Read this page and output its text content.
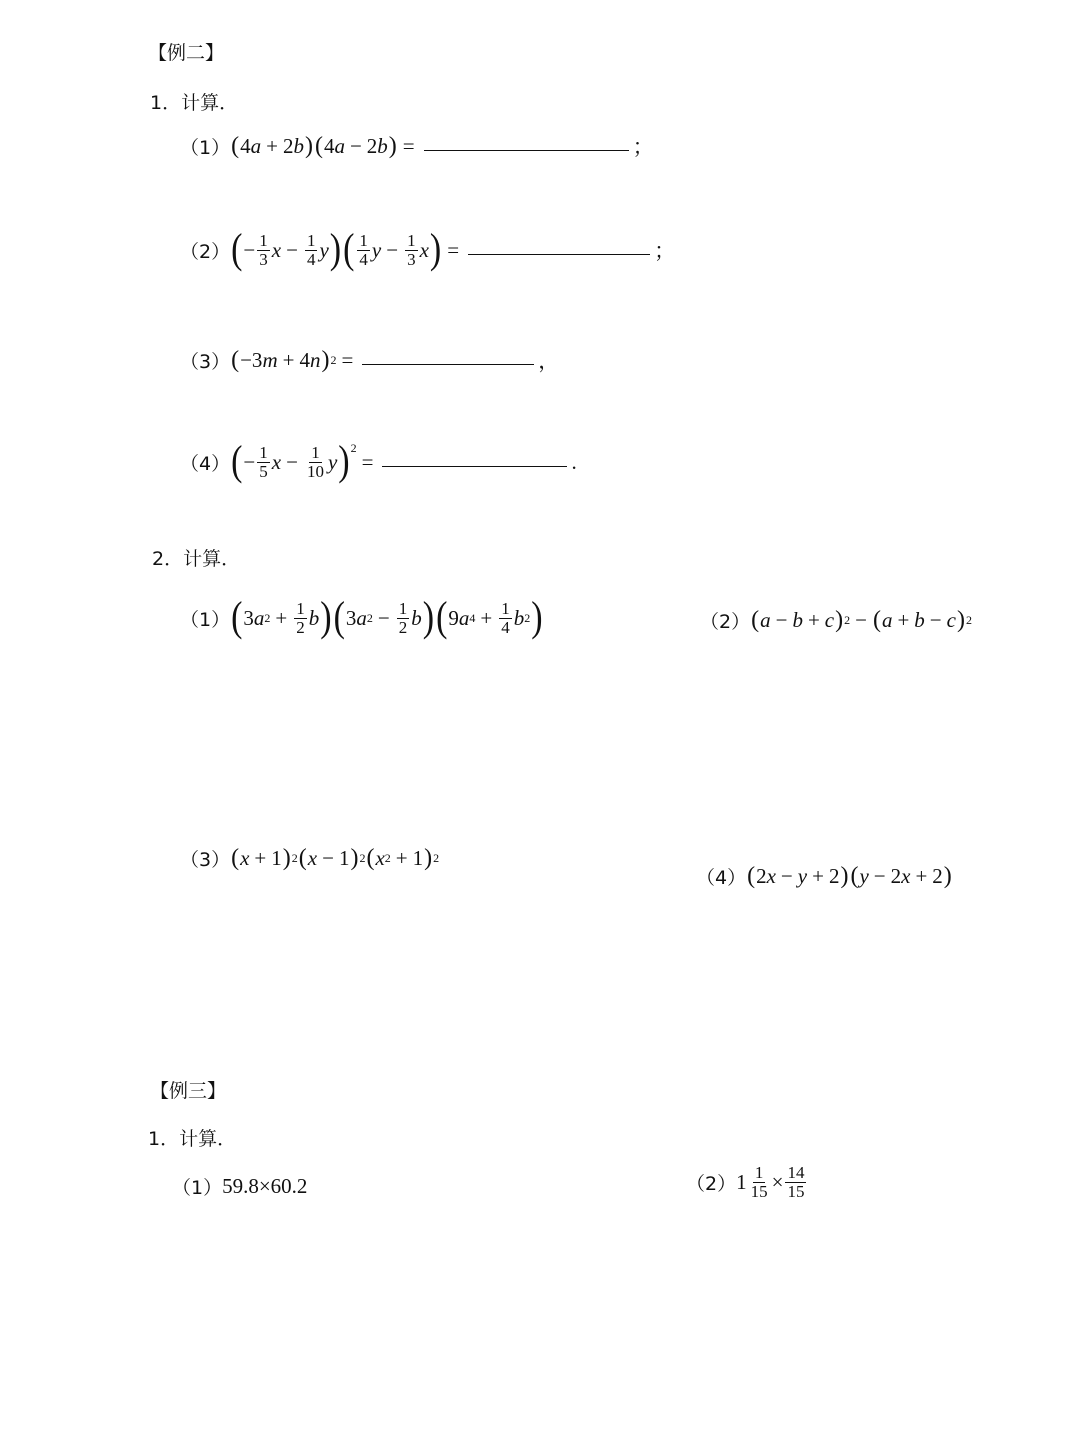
【例二】
1．计算．
（1） ( 4 a + 2 b ) ( 4 a − 2 b ) =	；
（2） ( − $\frac{1}{3}$ $x - \frac{1}{4}$ y ) ( $\frac{1}{4}$ $y - \frac{1}{3}$ x ) =	；
（3） ( −3 m + 4 n ) 2 =	，
（4） ( − $\frac{1}{5}$ $x - \frac{1}{10}$ y )$^2$
=	.
2．计算．
（1） ( 3 a $2 + \frac{1}{2}$ b ) ( 3 a $2 - \frac{1}{2}$ b ) ( 9 a $4 + \frac{1}{4}$ b 2 )	（2） ( a − b + c ) 2 − ( a + b − c ) 2
（3） ( x + 1 ) 2 ( x − 1 ) 2 ( x 2 + 1 ) 2
（4） ( 2 x − y + 2 ) ( y − 2 x + 2 )
【例三】
1．计算．
（1） 59.8×60.2	（2） $1 \frac{1}{15} \times \frac{14}{15}$
